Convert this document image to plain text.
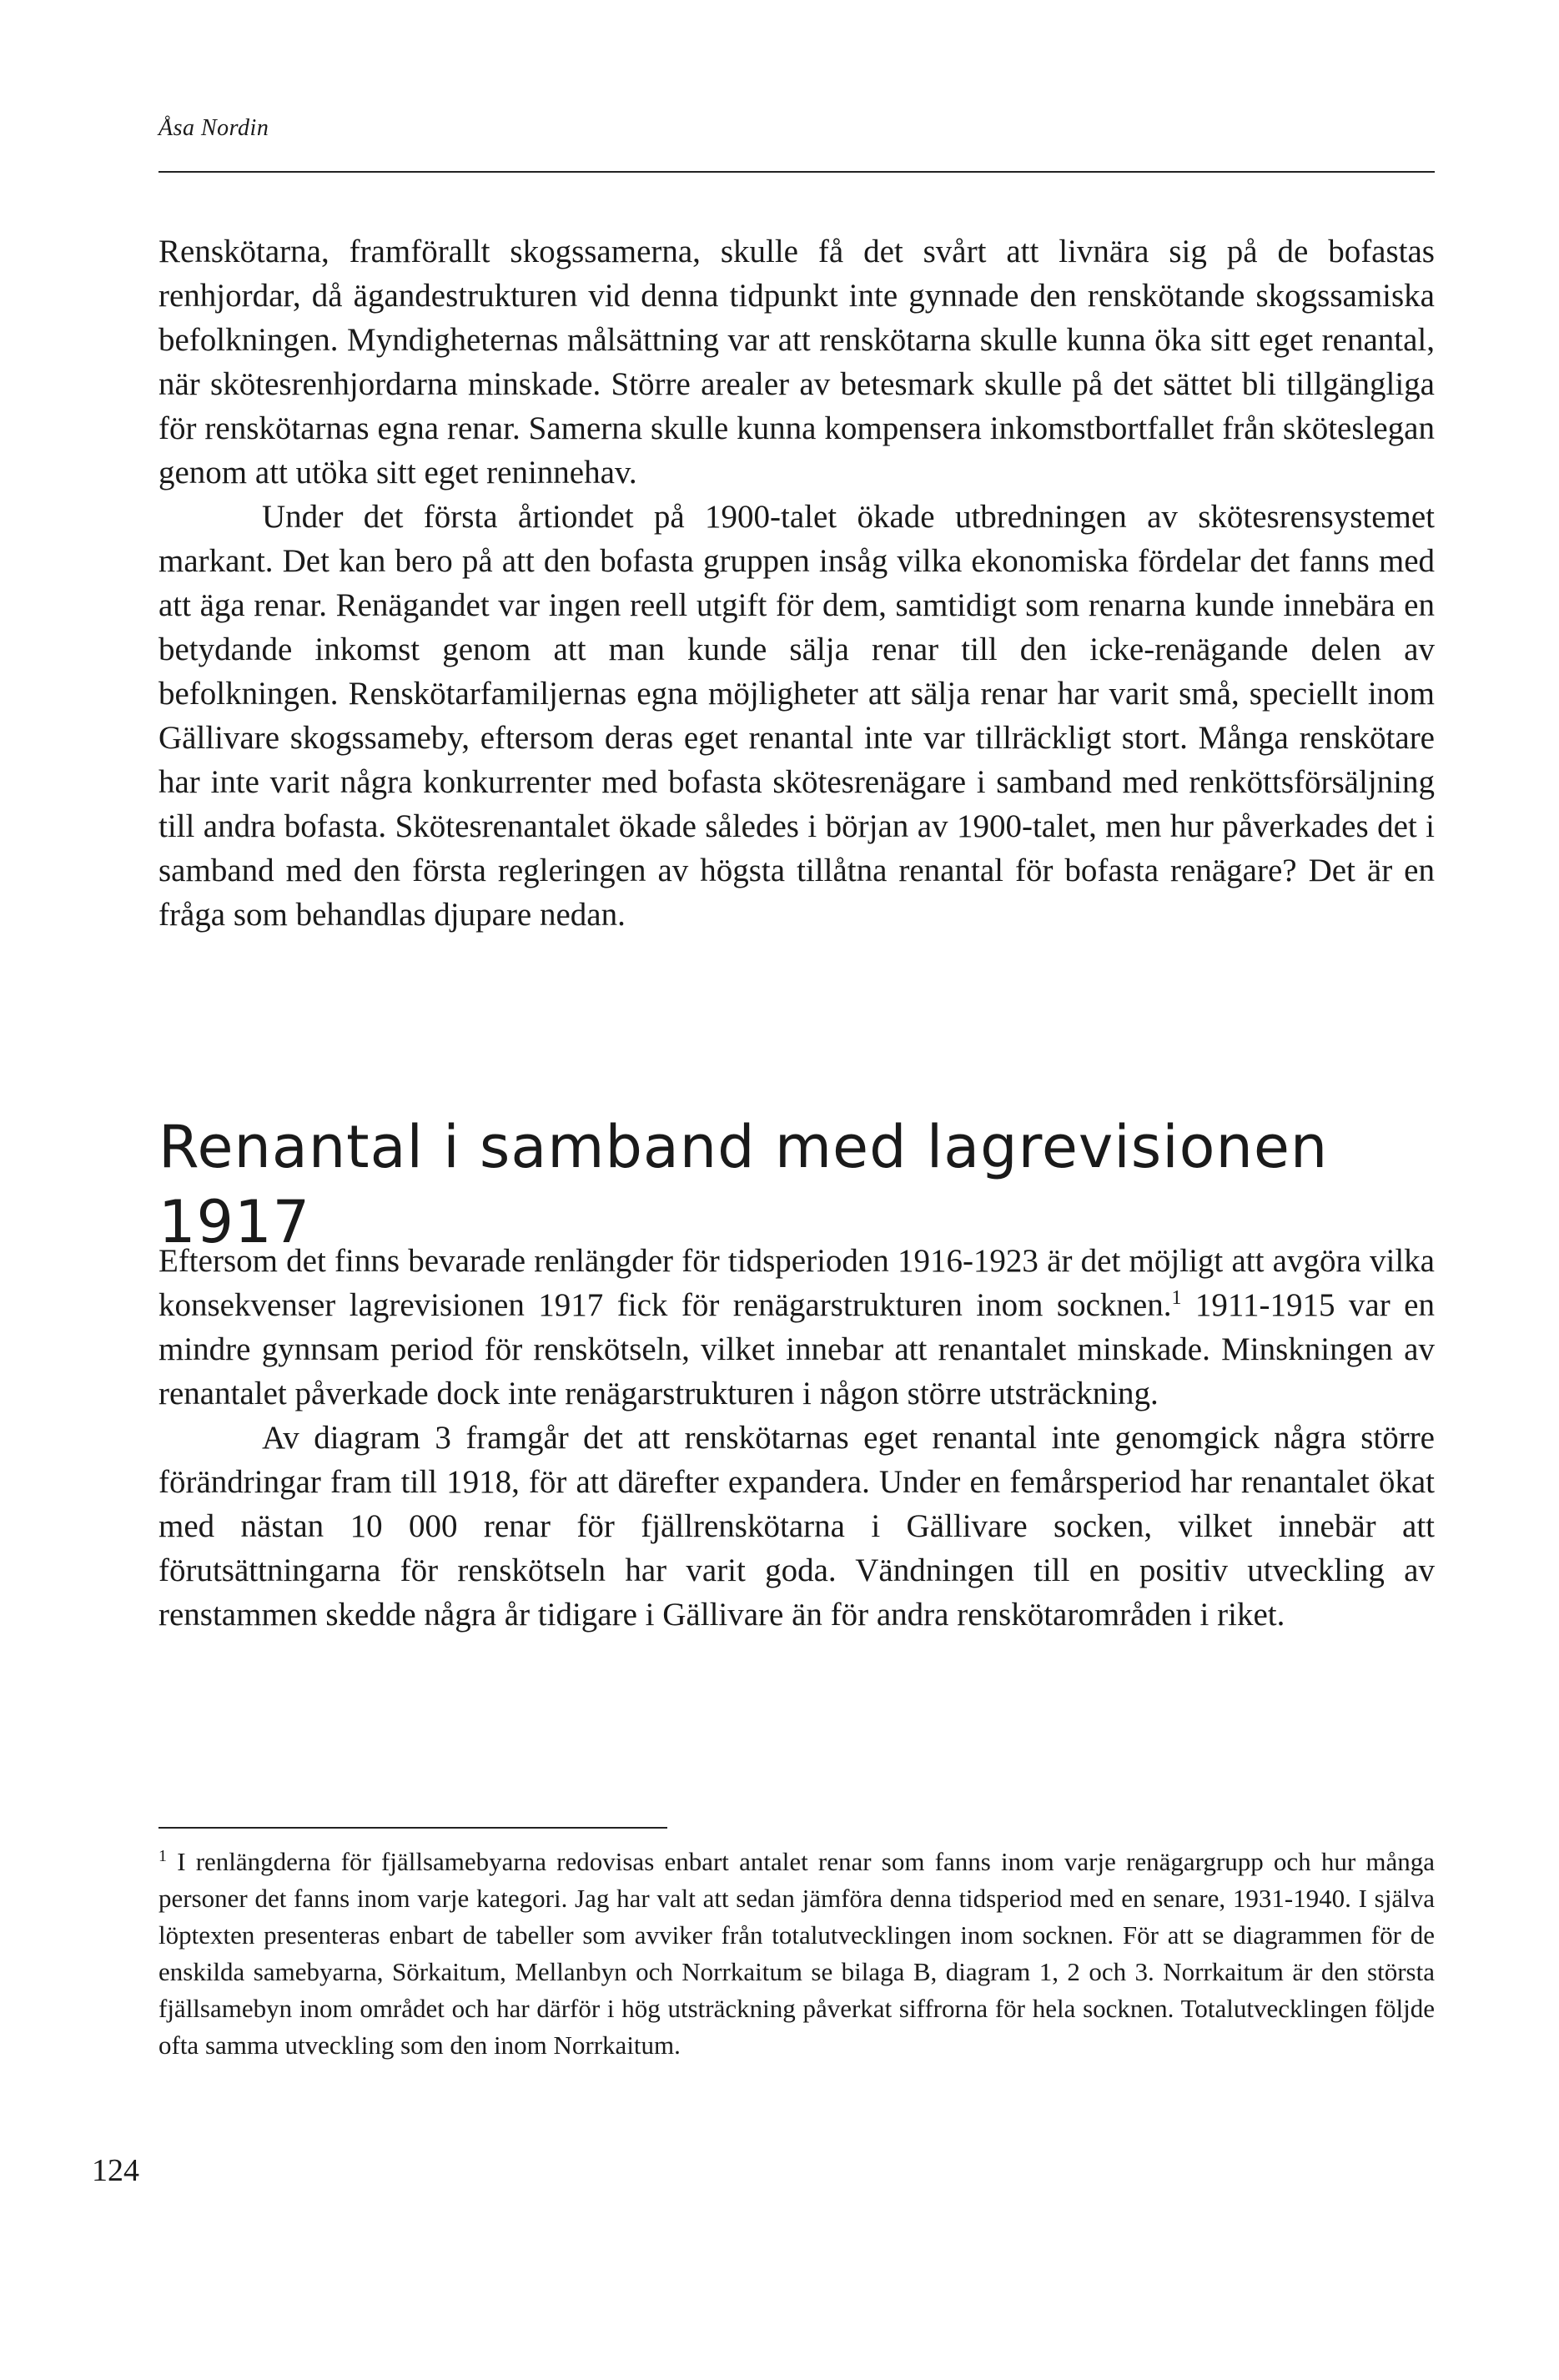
Åsa Nordin

Renskötarna, framförallt skogssamerna, skulle få det svårt att livnära sig på de bofastas renhjordar, då ägandestrukturen vid denna tidpunkt inte gynnade den renskötande skogssamiska befolkningen. Myndigheternas målsättning var att renskötarna skulle kunna öka sitt eget renantal, när skötesrenhjordarna minskade. Större arealer av betesmark skulle på det sättet bli tillgängliga för renskötarnas egna renar. Samerna skulle kunna kompensera inkomstbortfallet från sköteslegan genom att utöka sitt eget reninnehav.

Under det första årtiondet på 1900-talet ökade utbredningen av skötesrensystemet markant. Det kan bero på att den bofasta gruppen insåg vilka ekonomiska fördelar det fanns med att äga renar. Renägandet var ingen reell utgift för dem, samtidigt som renarna kunde innebära en betydande inkomst genom att man kunde sälja renar till den icke-renägande delen av befolkningen. Renskötarfamiljernas egna möjligheter att sälja renar har varit små, speciellt inom Gällivare skogssameby, eftersom deras eget renantal inte var tillräckligt stort. Många renskötare har inte varit några konkurrenter med bofasta skötesrenägare i samband med renköttsförsäljning till andra bofasta. Skötesrenantalet ökade således i början av 1900-talet, men hur påverkades det i samband med den första regleringen av högsta tillåtna renantal för bofasta renägare? Det är en fråga som behandlas djupare nedan.

Renantal i samband med lagrevisionen 1917

Eftersom det finns bevarade renlängder för tidsperioden 1916-1923 är det möjligt att avgöra vilka konsekvenser lagrevisionen 1917 fick för renägarstrukturen inom socknen.$^1$ 1911-1915 var en mindre gynnsam period för renskötseln, vilket innebar att renantalet minskade. Minskningen av renantalet påverkade dock inte renägarstrukturen i någon större utsträckning.

Av diagram 3 framgår det att renskötarnas eget renantal inte genomgick några större förändringar fram till 1918, för att därefter expandera. Under en femårsperiod har renantalet ökat med nästan 10 000 renar för fjällrenskötarna i Gällivare socken, vilket innebär att förutsättningarna för renskötseln har varit goda. Vändningen till en positiv utveckling av renstammen skedde några år tidigare i Gällivare än för andra renskötarområden i riket.

$^1$ I renlängderna för fjällsamebyarna redovisas enbart antalet renar som fanns inom varje renägargrupp och hur många personer det fanns inom varje kategori. Jag har valt att sedan jämföra denna tidsperiod med en senare, 1931-1940. I själva löptexten presenteras enbart de tabeller som avviker från totalutvecklingen inom socknen. För att se diagrammen för de enskilda samebyarna, Sörkaitum, Mellanbyn och Norrkaitum se bilaga B, diagram 1, 2 och 3. Norrkaitum är den största fjällsamebyn inom området och har därför i hög utsträckning påverkat siffrorna för hela socknen. Totalutvecklingen följde ofta samma utveckling som den inom Norrkaitum.

124
